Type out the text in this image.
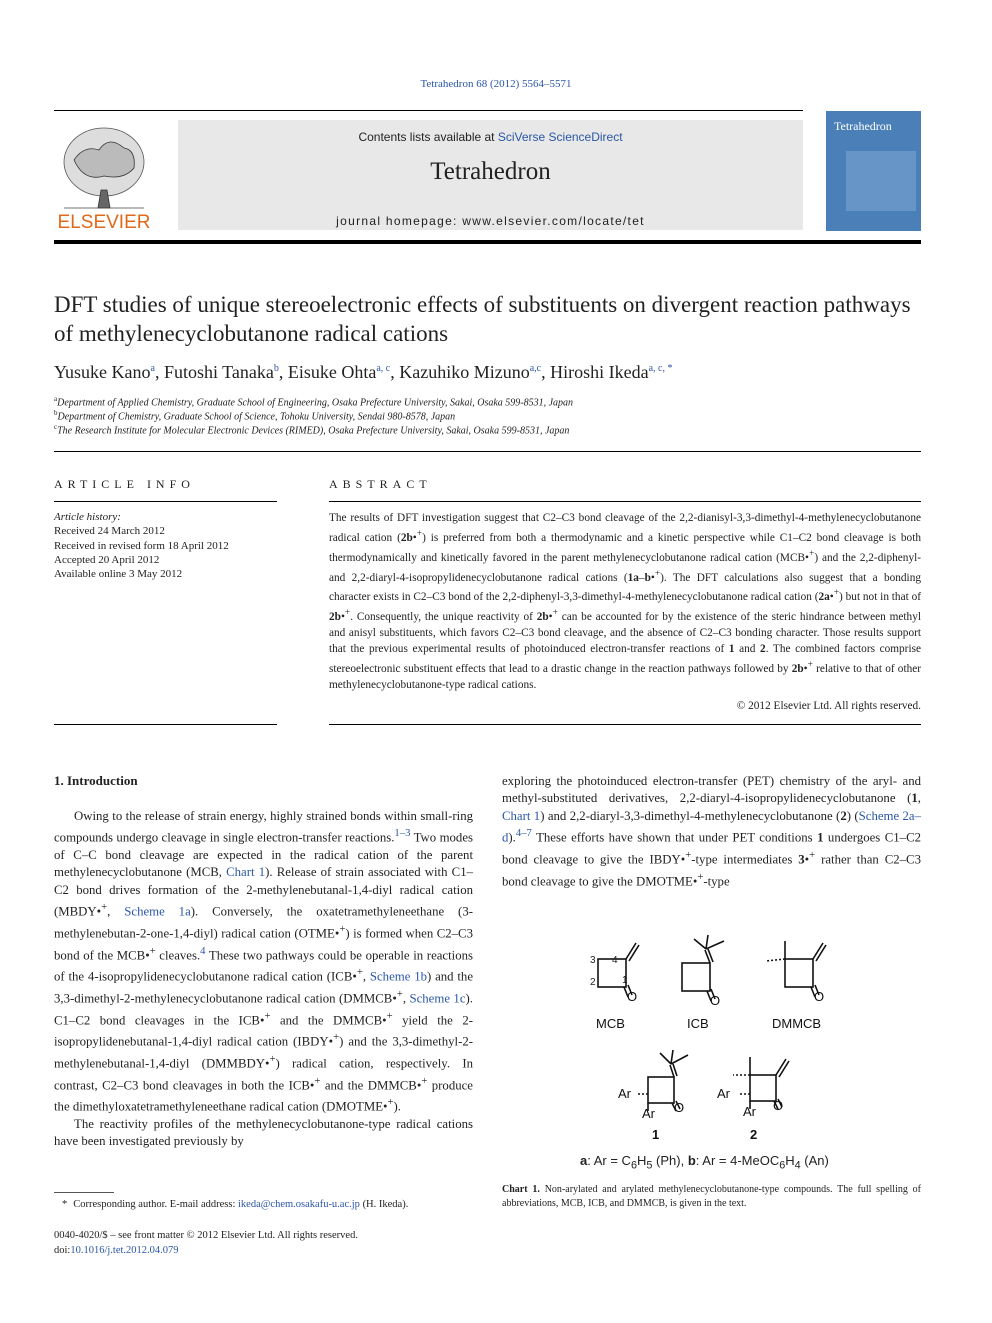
Tetrahedron 68 (2012) 5564–5571
ELSEVIER
Contents lists available at SciVerse ScienceDirect
Tetrahedron
journal homepage: www.elsevier.com/locate/tet
Tetrahedron
DFT studies of unique stereoelectronic effects of substituents on divergent reaction pathways of methylenecyclobutanone radical cations
Yusuke Kano$^a$, Futoshi Tanaka$^b$, Eisuke Ohta$^{a, c}$, Kazuhiko Mizuno$^{a,c}$, Hiroshi Ikeda$^{a, c, *}$
$^a$Department of Applied Chemistry, Graduate School of Engineering, Osaka Prefecture University, Sakai, Osaka 599-8531, Japan
$^b$Department of Chemistry, Graduate School of Science, Tohoku University, Sendai 980-8578, Japan
$^c$The Research Institute for Molecular Electronic Devices (RIMED), Osaka Prefecture University, Sakai, Osaka 599-8531, Japan
ARTICLE INFO
Article history:
Received 24 March 2012
Received in revised form 18 April 2012
Accepted 20 April 2012
Available online 3 May 2012
ABSTRACT
The results of DFT investigation suggest that C2–C3 bond cleavage of the 2,2-dianisyl-3,3-dimethyl-4-methylenecyclobutanone radical cation (2b•+) is preferred from both a thermodynamic and a kinetic perspective while C1–C2 bond cleavage is both thermodynamically and kinetically favored in the parent methylenecyclobutanone radical cation (MCB•+) and the 2,2-diphenyl- and 2,2-diaryl-4-isopropylidenecyclobutanone radical cations (1a–b•+). The DFT calculations also suggest that a bonding character exists in C2–C3 bond of the 2,2-diphenyl-3,3-dimethyl-4-methylenecyclobutanone radical cation (2a•+) but not in that of 2b•+. Consequently, the unique reactivity of 2b•+ can be accounted for by the existence of the steric hindrance between methyl and anisyl substituents, which favors C2–C3 bond cleavage, and the absence of C2–C3 bonding character. Those results support that the previous experimental results of photoinduced electron-transfer reactions of 1 and 2. The combined factors comprise stereoelectronic substituent effects that lead to a drastic change in the reaction pathways followed by 2b•+ relative to that of other methylenecyclobutanone-type radical cations.
© 2012 Elsevier Ltd. All rights reserved.
1. Introduction

Owing to the release of strain energy, highly strained bonds within small-ring compounds undergo cleavage in single electron-transfer reactions.$^{1-3}$ Two modes of C–C bond cleavage are expected in the radical cation of the parent methylenecyclobutanone (MCB, Chart 1). Release of strain associated with C1–C2 bond drives formation of the 2-methylenebutanal-1,4-diyl radical cation (MBDY•+, Scheme 1a). Conversely, the oxatetramethyleneethane (3-methylenebutan-2-one-1,4-diyl) radical cation (OTME•+) is formed when C2–C3 bond of the MCB•+ cleaves.$^4$ These two pathways could be operable in reactions of the 4-isopropylidenecyclobutanone radical cation (ICB•+, Scheme 1b) and the 3,3-dimethyl-2-methylenecyclobutanone radical cation (DMMCB•+, Scheme 1c). C1–C2 bond cleavages in the ICB•+ and the DMMCB•+ yield the 2-isopropylidenebutanal-1,4-diyl radical cation (IBDY•+) and the 3,3-dimethyl-2-methylenebutanal-1,4-diyl (DMMBDY•+) radical cation, respectively. In contrast, C2–C3 bond cleavages in both the ICB•+ and the DMMCB•+ produce the dimethyloxatetramethyleneethane radical cation (DMOTME•+).

The reactivity profiles of the methylenecyclobutanone-type radical cations have been investigated previously by

exploring the photoinduced electron-transfer (PET) chemistry of the aryl- and methyl-substituted derivatives, 2,2-diaryl-4-isopropylidenecyclobutanone (1, Chart 1) and 2,2-diaryl-3,3-dimethyl-4-methylenecyclobutanone (2) (Scheme 2a–d).$^{4-7}$ These efforts have shown that under PET conditions 1 undergoes C1–C2 bond cleavage to give the IBDY•+-type intermediates 3•+ rather than C2–C3 bond cleavage to give the DMOTME•+-type

3 4
2	1
O	O	O
MCB	ICB	DMMCB
Ar
Ar O
Ar
Ar O
1	2
a: $Ar = C_6H_5$ (Ph), b: $Ar = 4-MeOC_6H_4$ (An)
Chart 1. Non-arylated and arylated methylenecyclobutanone-type compounds. The full spelling of abbreviations, MCB, ICB, and DMMCB, is given in the text.
* Corresponding author. E-mail address: ikeda@chem.osakafu-u.ac.jp (H. Ikeda).
0040-4020/$ – see front matter © 2012 Elsevier Ltd. All rights reserved.
doi:10.1016/j.tet.2012.04.079
